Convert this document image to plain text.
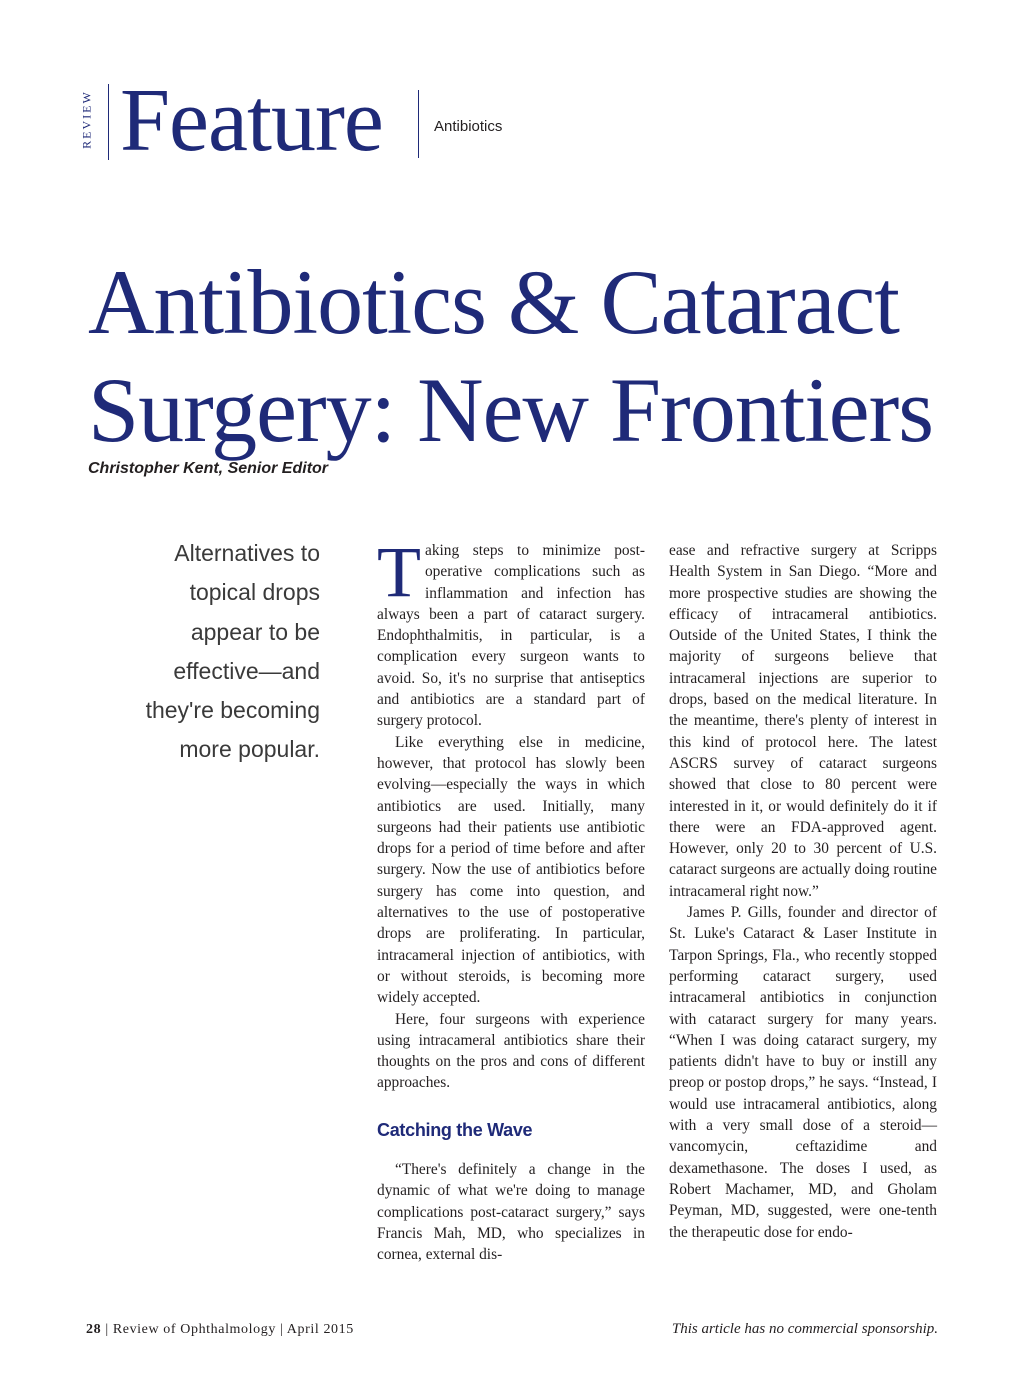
REVIEW Feature	Antibiotics
Antibiotics & Cataract
Surgery: New Frontiers
Christopher Kent, Senior Editor
Alternatives to
topical drops
appear to be
effective—and
they're becoming
more popular.

Taking steps to minimize post-operative complications such as inflammation and infection has always been a part of cataract surgery. Endophthalmitis, in particular, is a complication every surgeon wants to avoid. So, it's no surprise that antiseptics and antibiotics are a standard part of surgery protocol.

Like everything else in medicine, however, that protocol has slowly been evolving—especially the ways in which antibiotics are used. Initially, many surgeons had their patients use antibiotic drops for a period of time before and after surgery. Now the use of antibiotics before surgery has come into question, and alternatives to the use of postoperative drops are proliferating. In particular, intracameral injection of antibiotics, with or without steroids, is becoming more widely accepted.

Here, four surgeons with experience using intracameral antibiotics share their thoughts on the pros and cons of different approaches.

Catching the Wave

“There's definitely a change in the dynamic of what we're doing to manage complications post-cataract surgery,” says Francis Mah, MD, who specializes in cornea, external dis-

ease and refractive surgery at Scripps Health System in San Diego. “More and more prospective studies are showing the efficacy of intracameral antibiotics. Outside of the United States, I think the majority of surgeons believe that intracameral injections are superior to drops, based on the medical literature. In the meantime, there's plenty of interest in this kind of protocol here. The latest ASCRS survey of cataract surgeons showed that close to 80 percent were interested in it, or would definitely do it if there were an FDA-approved agent. However, only 20 to 30 percent of U.S. cataract surgeons are actually doing routine intracameral right now.”

James P. Gills, founder and director of St. Luke's Cataract & Laser Institute in Tarpon Springs, Fla., who recently stopped performing cataract surgery, used intracameral antibiotics in conjunction with cataract surgery for many years. “When I was doing cataract surgery, my patients didn't have to buy or instill any preop or postop drops,” he says. “Instead, I would use intracameral antibiotics, along with a very small dose of a steroid—vancomycin, ceftazidime and dexamethasone. The doses I used, as Robert Machamer, MD, and Gholam Peyman, MD, suggested, were one-tenth the therapeutic dose for endo-

28 | Review of Ophthalmology | April 2015	This article has no commercial sponsorship.
